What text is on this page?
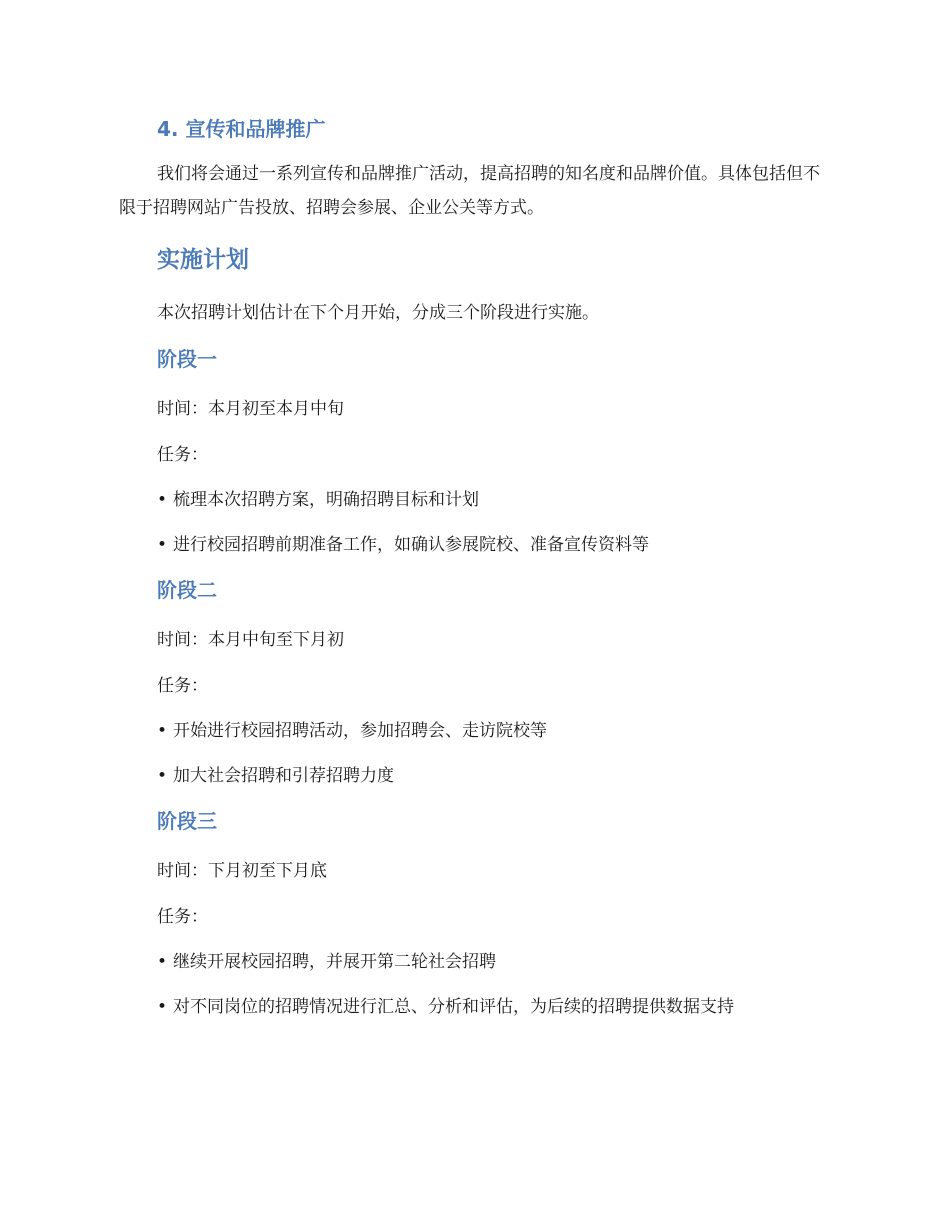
4. 宣传和品牌推广

我们将会通过一系列宣传和品牌推广活动，提高招聘的知名度和品牌价值。具体包括但不限于招聘网站广告投放、招聘会参展、企业公关等方式。

实施计划

本次招聘计划估计在下个月开始，分成三个阶段进行实施。

阶段一

时间：本月初至本月中旬

任务：

• 梳理本次招聘方案，明确招聘目标和计划

• 进行校园招聘前期准备工作，如确认参展院校、准备宣传资料等

阶段二

时间：本月中旬至下月初

任务：

• 开始进行校园招聘活动，参加招聘会、走访院校等

• 加大社会招聘和引荐招聘力度

阶段三

时间：下月初至下月底

任务：

• 继续开展校园招聘，并展开第二轮社会招聘

• 对不同岗位的招聘情况进行汇总、分析和评估，为后续的招聘提供数据支持
